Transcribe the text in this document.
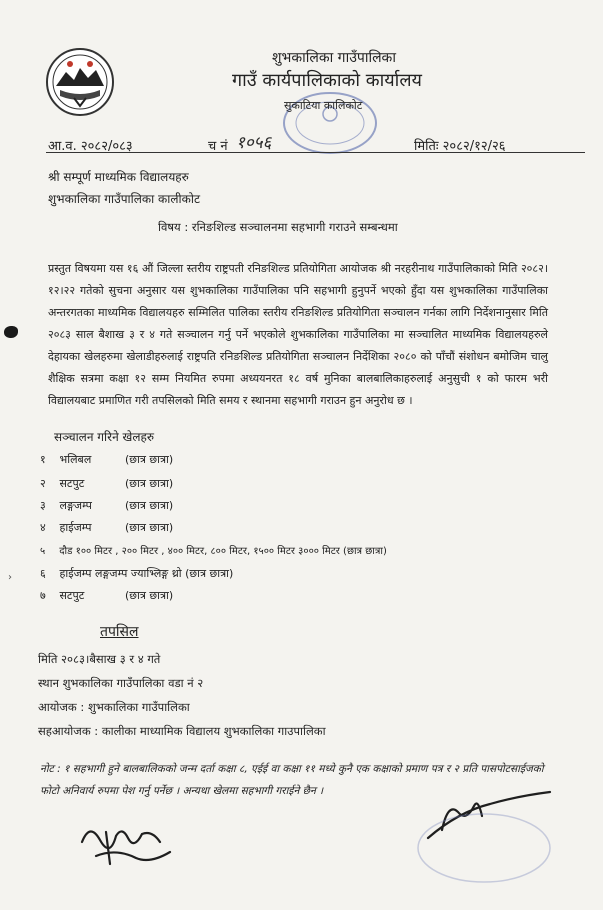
शुभकालिका गाउँपालिका
गाउँ कार्यपालिकाको कार्यालय
सुकाटिया कालिकोट
आ.व. २०८२/०८३	च नं १०५६	मितिः २०८२/१२/२६
श्री सम्पूर्ण माध्यमिक विद्यालयहरु
शुभकालिका गाउँपालिका कालीकोट
विषय : रनिङशिल्ड सञ्चालनमा सहभागी गराउने सम्बन्धमा
प्रस्तुत विषयमा यस १६ औं जिल्ला स्तरीय राष्ट्रपती रनिङशिल्ड प्रतियोगिता आयोजक श्री नरहरीनाथ गाउँपालिकाको मिति २०८२।१२।२२ गतेको सुचना अनुसार यस शुभकालिका गाउँपालिका पनि सहभागी हुनुपर्ने भएको हुँदा यस शुभकालिका गाउँपालिका अन्तरगतका माध्यमिक विद्यालयहरु सम्मिलित पालिका स्तरीय रनिङशिल्ड प्रतियोगिता सञ्चालन गर्नका लागि निर्देशनानुसार मिति २०८३ साल बैशाख ३ र ४ गते सञ्चालन गर्नु पर्ने भएकोले शुभकालिका गाउँपालिका मा सञ्चालित माध्यमिक विद्यालयहरुले देहायका खेलहरुमा खेलाडीहरुलाई राष्ट्रपति रनिङशिल्ड प्रतियोगिता सञ्चालन निर्देशिका २०८० को पाँचौं संशोधन बमोजिम चालु शैक्षिक सत्रमा कक्षा १२ सम्म नियमित रुपमा अध्ययनरत १८ वर्ष मुनिका बालबालिकाहरुलाई अनुसुची १ को फारम भरी विद्यालयबाट प्रमाणित गरी तपसिलको मिति समय र स्थानमा सहभागी गराउन हुन अनुरोध छ ।
सञ्चालन गरिने खेलहरु
१ भलिबल	(छात्र छात्रा)
२ सटपुट	(छात्र छात्रा)
३ लङ्गजम्प	(छात्र छात्रा)
४ हाईजम्प	(छात्र छात्रा)
५ दौड १०० मिटर , २०० मिटर , ४०० मिटर, ८०० मिटर, १५०० मिटर ३००० मिटर (छात्र छात्रा)
६ हाईजम्प लङ्गजम्प ज्याभ्लिङ्ग थ्रो (छात्र छात्रा)
७ सटपुट	(छात्र छात्रा)
तपसिल
मिति २०८३।बैसाख ३ र ४ गते
स्थान शुभकालिका गाउँपालिका वडा नं २
आयोजक : शुभकालिका गाउँपालिका
सहआयोजक : कालीका माध्यामिक विद्यालय शुभकालिका गाउपालिका
नोट : १ सहभागी हुने बालबालिकको जन्म दर्ता कक्षा ८, एईई वा कक्षा ११ मध्ये कुनै एक कक्षाको प्रमाण पत्र र २ प्रति पासपोटसाईजको फोटो अनिवार्य रुपमा पेश गर्नु पर्नेछ । अन्यथा खेलमा सहभागी गराईने छैन ।
›
